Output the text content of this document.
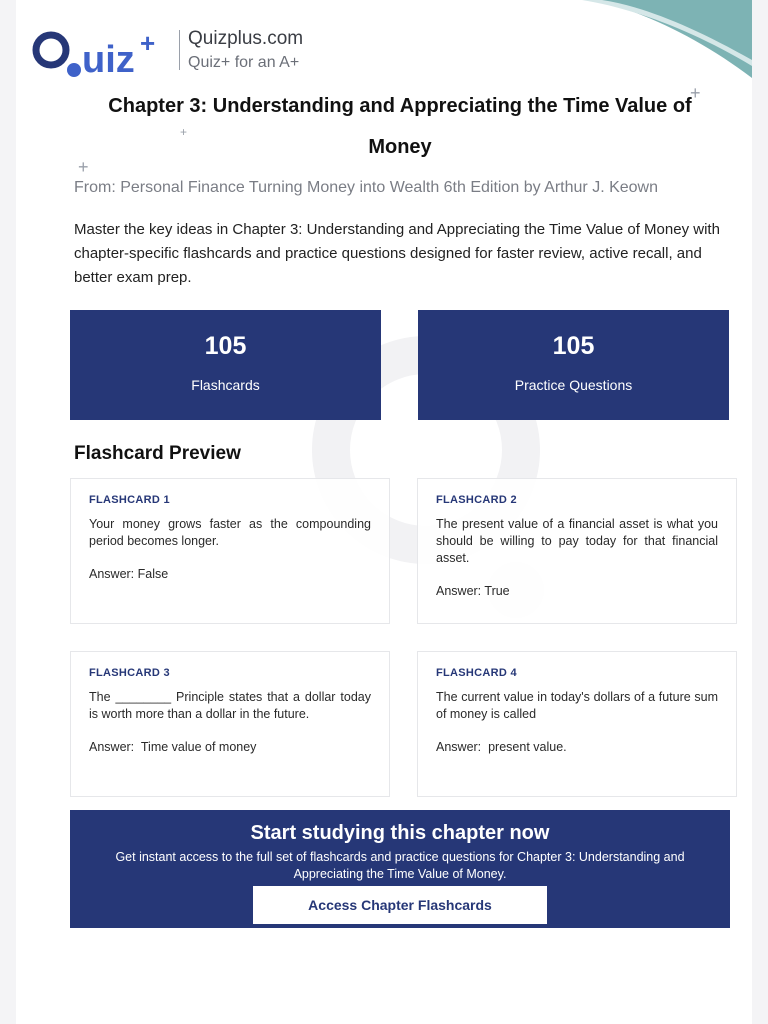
+
+
+
uiz + Quizplus.com
Quiz+ for an A+
Chapter 3: Understanding and Appreciating the Time Value of Money
From: Personal Finance Turning Money into Wealth 6th Edition by Arthur J. Keown

Master the key ideas in Chapter 3: Understanding and Appreciating the Time Value of Money with chapter-specific flashcards and practice questions designed for faster review, active recall, and better exam prep.

105
Flashcards
105
Practice Questions
Flashcard Preview
FLASHCARD 1
Your money grows faster as the compounding period becomes longer.
Answer: False
FLASHCARD 2
The present value of a financial asset is what you should be willing to pay today for that financial asset.
Answer: True
FLASHCARD 3
The ________ Principle states that a dollar today is worth more than a dollar in the future.
Answer:  Time value of money
FLASHCARD 4
The current value in today's dollars of a future sum of money is called
Answer:  present value.
Start studying this chapter now
Get instant access to the full set of flashcards and practice questions for Chapter 3: Understanding and Appreciating the Time Value of Money.
Access Chapter Flashcards
